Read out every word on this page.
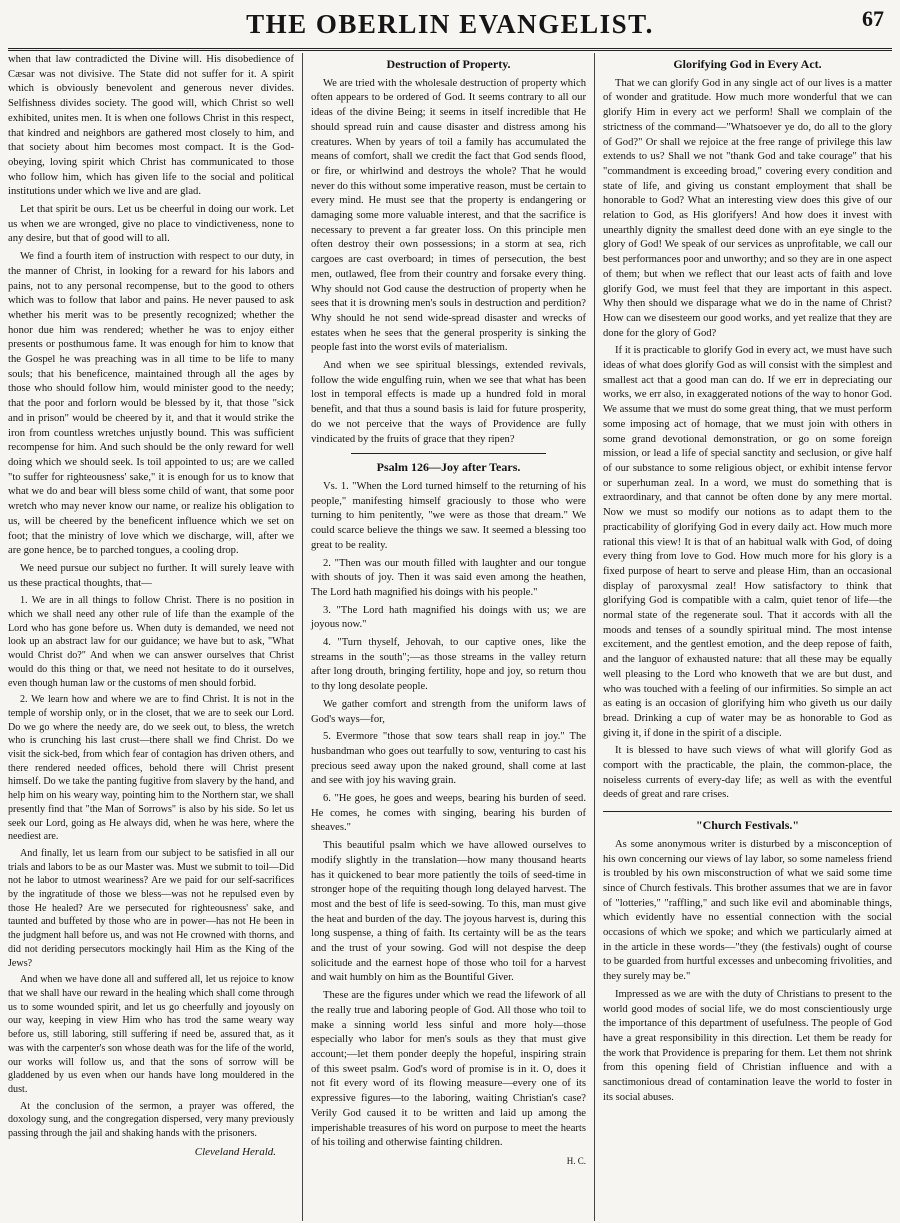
THE OBERLIN EVANGELIST.	67

when that law contradicted the Divine will. His disobedience of Cæsar was not divisive. The State did not suffer for it. A spirit which is obviously benevolent and generous never divides. Selfishness divides society. The good will, which Christ so well exhibited, unites men. It is when one follows Christ in this respect, that kindred and neighbors are gathered most closely to him, and that society about him becomes most compact. It is the God-obeying, loving spirit which Christ has communicated to those who follow him, which has given life to the social and political institutions under which we live and are glad.

Let that spirit be ours. Let us be cheerful in doing our work. Let us when we are wronged, give no place to vindictiveness, none to any desire, but that of good will to all.

We find a fourth item of instruction with respect to our duty, in the manner of Christ, in looking for a reward for his labors and pains, not to any personal recompense, but to the good to others which was to follow that labor and pains. He never paused to ask whether his merit was to be presently recognized; whether the honor due him was rendered; whether he was to enjoy either presents or posthumous fame. It was enough for him to know that the Gospel he was preaching was in all time to be life to many souls; that his beneficence, maintained through all the ages by those who should follow him, would minister good to the needy; that the poor and forlorn would be blessed by it, that those "sick and in prison" would be cheered by it, and that it would strike the iron from countless wretches unjustly bound. This was sufficient recompense for him. And such should be the only reward for well doing which we should seek. Is toil appointed to us; are we called "to suffer for righteousness' sake," it is enough for us to know that what we do and bear will bless some child of want, that some poor wretch who may never know our name, or realize his obligation to us, will be cheered by the beneficent influence which we set on foot; that the ministry of love which we discharge, will, after we are gone hence, be to parched tongues, a cooling drop.

We need pursue our subject no further. It will surely leave with us these practical thoughts, that—

1. We are in all things to follow Christ. There is no position in which we shall need any other rule of life than the example of the Lord who has gone before us. When duty is demanded, we need not look up an abstract law for our guidance; we have but to ask, "What would Christ do?" And when we can answer ourselves that Christ would do this thing or that, we need not hesitate to do it ourselves, even though human law or the customs of men should forbid.

2. We learn how and where we are to find Christ. It is not in the temple of worship only, or in the closet, that we are to seek our Lord. Do we go where the needy are, do we seek out, to bless, the wretch who is crunching his last crust—there shall we find Christ. Do we visit the sick-bed, from which fear of contagion has driven others, and there rendered needed offices, behold there will Christ present himself. Do we take the panting fugitive from slavery by the hand, and help him on his weary way, pointing him to the Northern star, we shall presently find that "the Man of Sorrows" is also by his side. So let us seek our Lord, going as He always did, when he was here, where the neediest are.

And finally, let us learn from our subject to be satisfied in all our trials and labors to be as our Master was. Must we submit to toil—Did not he labor to utmost weariness? Are we paid for our self-sacrifices by the ingratitude of those we bless—was not he repulsed even by those He healed? Are we persecuted for righteousness' sake, and taunted and buffeted by those who are in power—has not He been in the judgment hall before us, and was not He crowned with thorns, and did not deriding persecutors mockingly hail Him as the King of the Jews?

And when we have done all and suffered all, let us rejoice to know that we shall have our reward in the healing which shall come through us to some wounded spirit, and let us go cheerfully and joyously on our way, keeping in view Him who has trod the same weary way before us, still laboring, still suffering if need be, assured that, as it was with the carpenter's son whose death was for the life of the world, our works will follow us, and that the sons of sorrow will be gladdened by us even when our hands have long mouldered in the dust.

At the conclusion of the sermon, a prayer was offered, the doxology sung, and the congregation dispersed, very many previously passing through the jail and shaking hands with the prisoners.

Cleveland Herald.
Destruction of Property.

We are tried with the wholesale destruction of property which often appears to be ordered of God. It seems contrary to all our ideas of the divine Being; it seems in itself incredible that He should spread ruin and cause disaster and distress among his creatures. When by years of toil a family has accumulated the means of comfort, shall we credit the fact that God sends flood, or fire, or whirlwind and destroys the whole? That he would never do this without some imperative reason, must be certain to every mind. He must see that the property is endangering or damaging some more valuable interest, and that the sacrifice is necessary to prevent a far greater loss. On this principle men often destroy their own possessions; in a storm at sea, rich cargoes are cast overboard; in times of persecution, the best men, outlawed, flee from their country and forsake every thing. Why should not God cause the destruction of property when he sees that it is drowning men's souls in destruction and perdition? Why should he not send wide-spread disaster and wrecks of estates when he sees that the general prosperity is sinking the people fast into the worst evils of materialism.

And when we see spiritual blessings, extended revivals, follow the wide engulfing ruin, when we see that what has been lost in temporal effects is made up a hundred fold in moral benefit, and that thus a sound basis is laid for future prosperity, do we not perceive that the ways of Providence are fully vindicated by the fruits of grace that they ripen?

Psalm 126—Joy after Tears.

Vs. 1. "When the Lord turned himself to the returning of his people," manifesting himself graciously to those who were turning to him penitently, "we were as those that dream." We could scarce believe the things we saw. It seemed a blessing too great to be reality.

2. "Then was our mouth filled with laughter and our tongue with shouts of joy. Then it was said even among the heathen, The Lord hath magnified his doings with his people."

3. "The Lord hath magnified his doings with us; we are joyous now."

4. "Turn thyself, Jehovah, to our captive ones, like the streams in the south";—as those streams in the valley return after long drouth, bringing fertility, hope and joy, so return thou to thy long desolate people.

We gather comfort and strength from the uniform laws of God's ways—for,

5. Evermore "those that sow tears shall reap in joy." The husbandman who goes out tearfully to sow, venturing to cast his precious seed away upon the naked ground, shall come at last and see with joy his waving grain.

6. "He goes, he goes and weeps, bearing his burden of seed. He comes, he comes with singing, bearing his burden of sheaves."

This beautiful psalm which we have allowed ourselves to modify slightly in the translation—how many thousand hearts has it quickened to bear more patiently the toils of seed-time in stronger hope of the requiting though long delayed harvest. The most and the best of life is seed-sowing. To this, man must give the heat and burden of the day. The joyous harvest is, during this long suspense, a thing of faith. Its certainty will be as the tears and the trust of your sowing. God will not despise the deep solicitude and the earnest hope of those who toil for a harvest and wait humbly on him as the Bountiful Giver.

These are the figures under which we read the lifework of all the really true and laboring people of God. All those who toil to make a sinning world less sinful and more holy—those especially who labor for men's souls as they that must give account;—let them ponder deeply the hopeful, inspiring strain of this sweet psalm. God's word of promise is in it. O, does it not fit every word of its flowing measure—every one of its expressive figures—to the laboring, waiting Christian's case? Verily God caused it to be written and laid up among the imperishable treasures of his word on purpose to meet the hearts of his toiling and otherwise fainting children.

H. C.
Glorifying God in Every Act.

That we can glorify God in any single act of our lives is a matter of wonder and gratitude. How much more wonderful that we can glorify Him in every act we perform! Shall we complain of the strictness of the command—"Whatsoever ye do, do all to the glory of God?" Or shall we rejoice at the free range of privilege this law extends to us? Shall we not "thank God and take courage" that his "commandment is exceeding broad," covering every condition and state of life, and giving us constant employment that shall be honorable to God? What an interesting view does this give of our relation to God, as His glorifyers! And how does it invest with unearthly dignity the smallest deed done with an eye single to the glory of God! We speak of our services as unprofitable, we call our best performances poor and unworthy; and so they are in one aspect of them; but when we reflect that our least acts of faith and love glorify God, we must feel that they are important in this aspect. Why then should we disparage what we do in the name of Christ? How can we disesteem our good works, and yet realize that they are done for the glory of God?

If it is practicable to glorify God in every act, we must have such ideas of what does glorify God as will consist with the simplest and smallest act that a good man can do. If we err in depreciating our works, we err also, in exaggerated notions of the way to honor God. We assume that we must do some great thing, that we must perform some imposing act of homage, that we must join with others in some grand devotional demonstration, or go on some foreign mission, or lead a life of special sanctity and seclusion, or give half of our substance to some religious object, or exhibit intense fervor or superhuman zeal. In a word, we must do something that is extraordinary, and that cannot be often done by any mere mortal. Now we must so modify our notions as to adapt them to the practicability of glorifying God in every daily act. How much more rational this view! It is that of an habitual walk with God, of doing every thing from love to God. How much more for his glory is a fixed purpose of heart to serve and please Him, than an occasional display of paroxysmal zeal! How satisfactory to think that glorifying God is compatible with a calm, quiet tenor of life—the normal state of the regenerate soul. That it accords with all the moods and tenses of a soundly spiritual mind. The most intense excitement, and the gentlest emotion, and the deep repose of faith, and the languor of exhausted nature: that all these may be equally well pleasing to the Lord who knoweth that we are but dust, and who was touched with a feeling of our infirmities. So simple an act as eating is an occasion of glorifying him who giveth us our daily bread. Drinking a cup of water may be as honorable to God as giving it, if done in the spirit of a disciple.

It is blessed to have such views of what will glorify God as comport with the practicable, the plain, the common-place, the noiseless currents of every-day life; as well as with the eventful deeds of great and rare crises.

"Church Festivals."

As some anonymous writer is disturbed by a misconception of his own concerning our views of lay labor, so some nameless friend is troubled by his own misconstruction of what we said some time since of Church festivals. This brother assumes that we are in favor of "lotteries," "raffling," and such like evil and abominable things, which evidently have no essential connection with the social occasions of which we spoke; and which we particularly aimed at in the article in these words—"they (the festivals) ought of course to be guarded from hurtful excesses and unbecoming frivolities, and they surely may be."

Impressed as we are with the duty of Christians to present to the world good modes of social life, we do most conscientiously urge the importance of this department of usefulness. The people of God have a great responsibility in this direction. Let them be ready for the work that Providence is preparing for them. Let them not shrink from this opening field of Christian influence and with a sanctimonious dread of contamination leave the world to foster in its social abuses.
